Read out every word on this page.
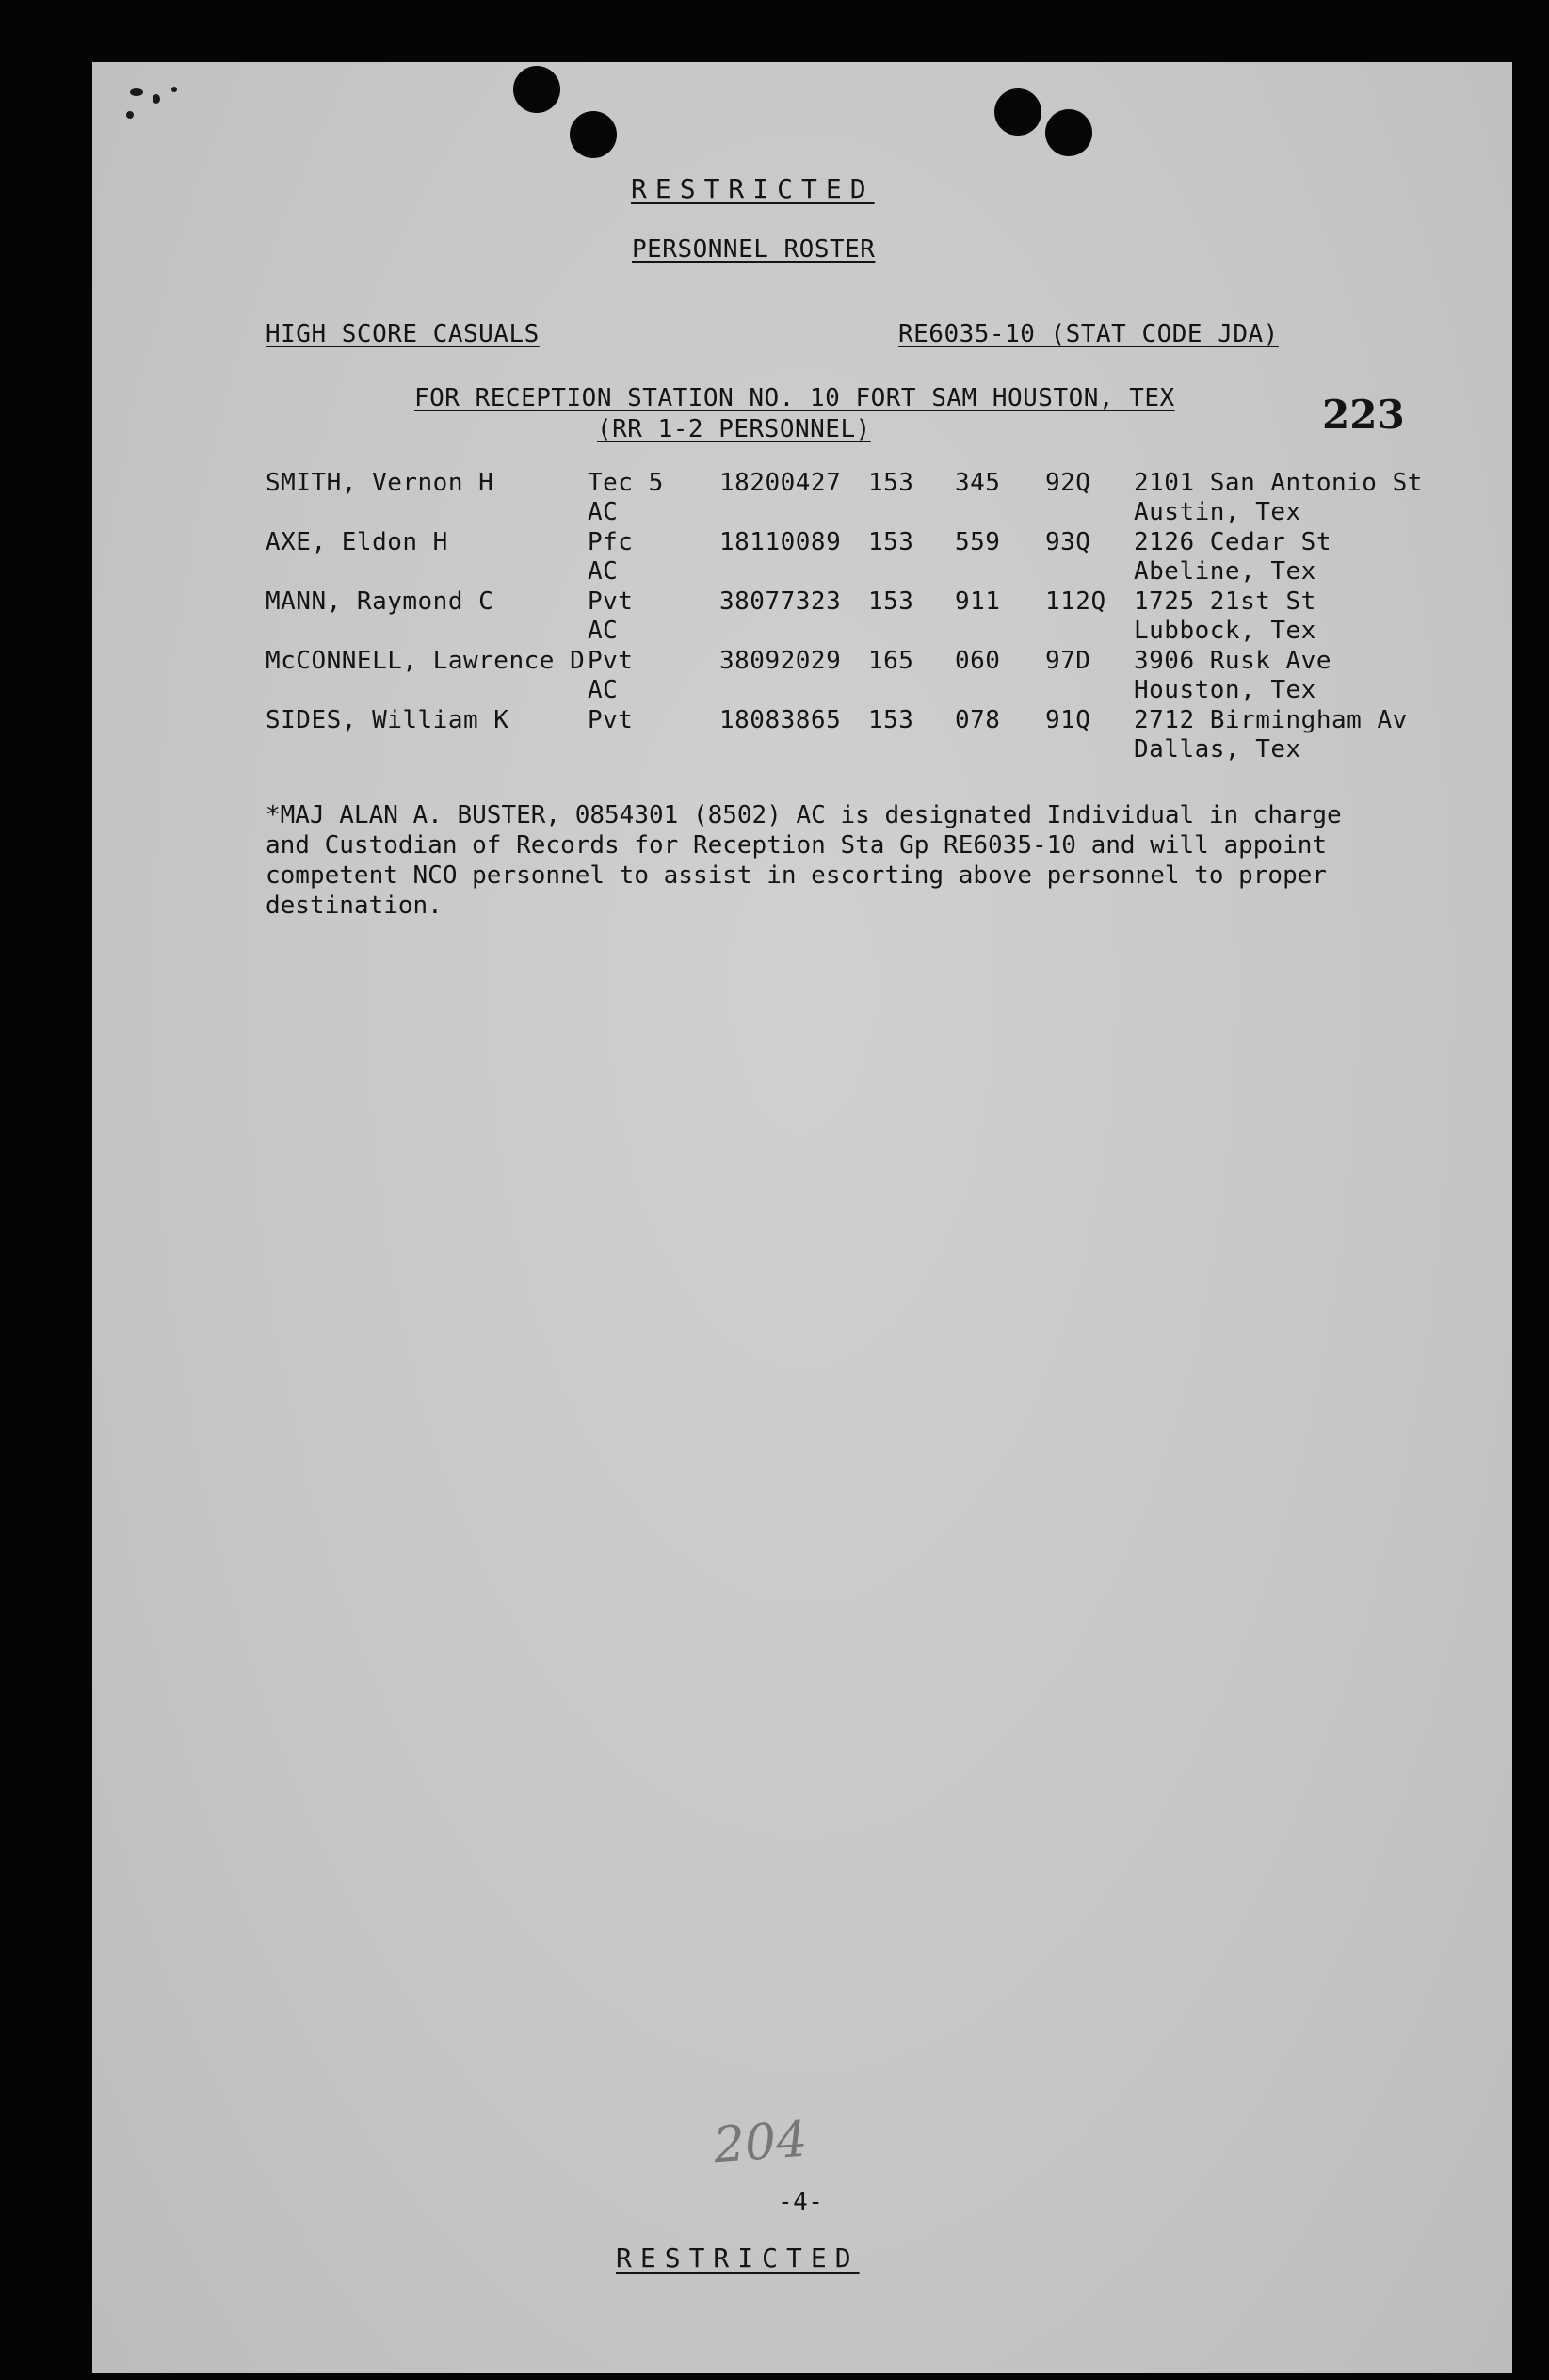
RESTRICTED
PERSONNEL ROSTER
HIGH SCORE CASUALS	RE6035-10 (STAT CODE JDA)
FOR RECEPTION STATION NO. 10 FORT SAM HOUSTON, TEX
(RR 1-2 PERSONNEL)	223
SMITH, Vernon H	Tec 5 18200427 153 345 92Q 2101 San Antonio St
AC	Austin, Tex
AXE, Eldon H	Pfc	18110089 153 559 93Q 2126 Cedar St
AC	Abeline, Tex
MANN, Raymond C	Pvt	38077323 153 911 112Q 1725 21st St
AC	Lubbock, Tex
McCONNELL, Lawrence D Pvt	38092029 165 060 97D 3906 Rusk Ave
AC	Houston, Tex
SIDES, William K	Pvt	18083865 153 078 91Q 2712 Birmingham Av
Dallas, Tex
*MAJ ALAN A. BUSTER, 0854301 (8502) AC is designated Individual in charge
and Custodian of Records for Reception Sta Gp RE6035-10 and will appoint
competent NCO personnel to assist in escorting above personnel to proper
destination.
204
-4-
RESTRICTED
